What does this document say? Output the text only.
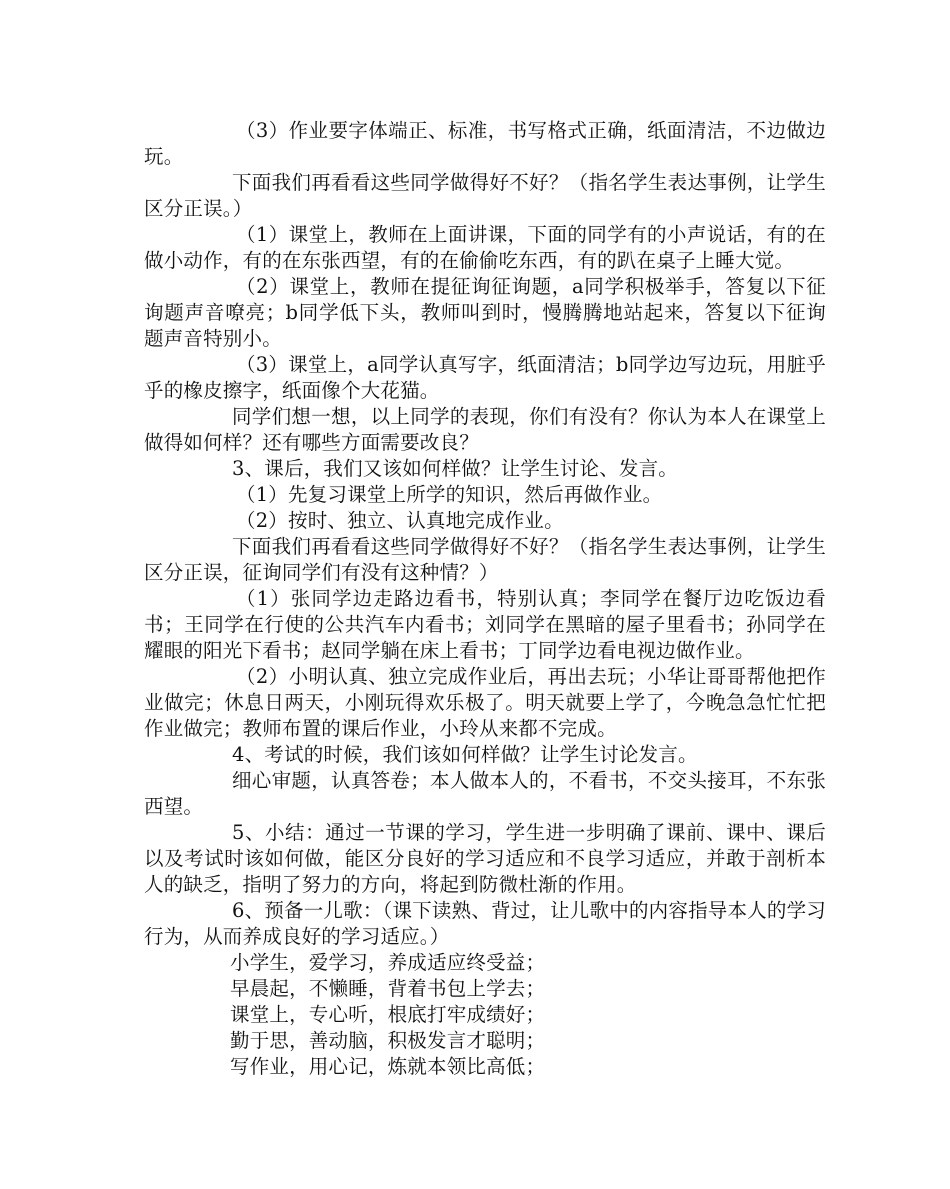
（3）作业要字体端正、标准，书写格式正确，纸面清洁，不边做边玩。

下面我们再看看这些同学做得好不好？（指名学生表达事例，让学生区分正误。）

（1）课堂上，教师在上面讲课，下面的同学有的小声说话，有的在做小动作，有的在东张西望，有的在偷偷吃东西，有的趴在桌子上睡大觉。

（2）课堂上，教师在提征询征询题，a同学积极举手，答复以下征询题声音嘹亮；b同学低下头，教师叫到时，慢腾腾地站起来，答复以下征询题声音特别小。

（3）课堂上，a同学认真写字，纸面清洁；b同学边写边玩，用脏乎乎的橡皮擦字，纸面像个大花猫。

同学们想一想，以上同学的表现，你们有没有？你认为本人在课堂上做得如何样？还有哪些方面需要改良？

3、课后，我们又该如何样做？让学生讨论、发言。

（1）先复习课堂上所学的知识，然后再做作业。

（2）按时、独立、认真地完成作业。

下面我们再看看这些同学做得好不好？（指名学生表达事例，让学生区分正误，征询同学们有没有这种情？）

（1）张同学边走路边看书，特别认真；李同学在餐厅边吃饭边看书；王同学在行使的公共汽车内看书；刘同学在黑暗的屋子里看书；孙同学在耀眼的阳光下看书；赵同学躺在床上看书；丁同学边看电视边做作业。

（2）小明认真、独立完成作业后，再出去玩；小华让哥哥帮他把作业做完；休息日两天，小刚玩得欢乐极了。明天就要上学了，今晚急急忙忙把作业做完；教师布置的课后作业，小玲从来都不完成。

4、考试的时候，我们该如何样做？让学生讨论发言。

细心审题，认真答卷；本人做本人的，不看书，不交头接耳，不东张西望。

5、小结：通过一节课的学习，学生进一步明确了课前、课中、课后以及考试时该如何做，能区分良好的学习适应和不良学习适应，并敢于剖析本人的缺乏，指明了努力的方向，将起到防微杜渐的作用。

6、预备一儿歌：（课下读熟、背过，让儿歌中的内容指导本人的学习行为，从而养成良好的学习适应。）

小学生，爱学习，养成适应终受益；

早晨起，不懒睡，背着书包上学去；

课堂上，专心听，根底打牢成绩好；

勤于思，善动脑，积极发言才聪明；

写作业，用心记，炼就本领比高低；
